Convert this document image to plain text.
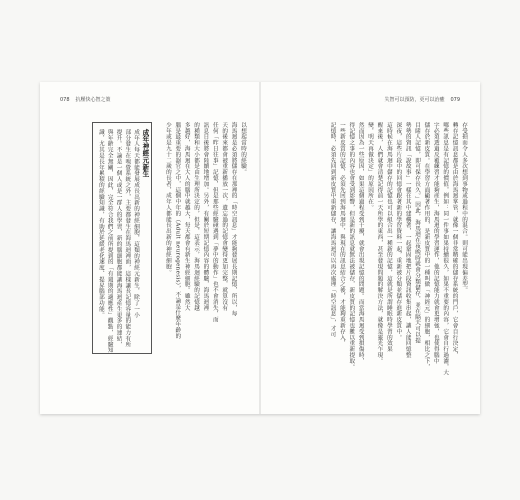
078 抗壓快心智之策
以想起當時的經驗。
海馬迴是必須將儲存在那裡的「時空訊息」才能夠發展長期記憶，所以，每
天的後來都會被重新播放一次，遺忘過的記憶會變得更加完整，就算沒有
任何「昨日往事」記憶，但是那些經驗碰遇到「夢中的動作」也不會消失，而
訊息日後將會陸續地增加。另外，有關於短期記憶內容的體驗，海馬迴裡
的種類和大小都是由生理所決定的，但是，這表示，海馬迴經驗的記憶越
多越好，海馬迴在大人的腦中就越大，每天都會有新生神經細胞。雖然大
腦是最重要的器官之中，這個中年的（Adult neurogenesis），不論是什麼年齡的
少年或是九十二歲的長者，成年人都能長出新的神經細胞。
成年神經元新生
成年人每天都能發展成長出新的神經細胞，這類的神經元新生，除了一小
部分發生在嗅覺系統之外，主要都發生在海馬迴裡面，這樣讓長記憶容量的能力有所
提升。不論是一個人或是一群人的學習，新的腦細胞都能讓海馬迴產生更多的連結，
與年齡完全無關，因此，完全符合我們之前所提到的「有週期的適應性」觀點，經驗知
識，尤其是長年累積的經驗知識，有助於延緩老化速度、提昇腦部功能。
失智可以預防，更可以治癒 079
存受損而令人多次想到事物或過程中的混合。則可能出現偏差型。
轉存記憶訊息都是由於海馬迴掌管，就像一個非常精確的儲存系統的門戶，它會自行決定，
哪些訊息是有記憶的價值，例如：同一件事如果持續很久，如果不重要的內容，它會自行過濾，大
字必須透過反覆練習才能夠產生，海馬迴的學習運作，他的記憶能力就會更增強，也使得腦中
儲存於新皮質。在學習方面顯著作用的，是新皮質中的一種叫做「神經元」的細胞，相比之下，
目睹人記憶，即可保存長久。」因此，海馬迴在夜晚時就會分類儲存，並在隔天可以提
勢勢的資訊「說故事」一樣在其中建構著，一起鞏固地把片段資訊收集串起，讓人能回憶整
深夜，這些片段中的回憶會跟著新的學習資料一起，重新被分類並儲存進新皮質中。
這時候在海馬迴中儲存的記憶也可以組合出一種新的記憶，這就是所謂睡眠時學習的效果
醒來後，人們就會清楚記得前一天所學的東西，甚至發現問題的解決方法，就像是靈光乍現。
變，明天再做決定」的原因所在。
然而因為一些原因，如果這個過程受到干擾，就會出現記憶的問題。而當海馬迴受到損傷時，
得記憶之事的內容也會受到影響，但是新的訊息就無法被儲存，新皮質的記憶也難以重新提取。
一些新皮質的記憶，必須先回到海馬迴中，與現在的訊息結合之後，才能夠重新存入，
記憶時，必須先回到新皮質中重新儲存，讓海馬迴可以再次處理「時空訊息」，才可
